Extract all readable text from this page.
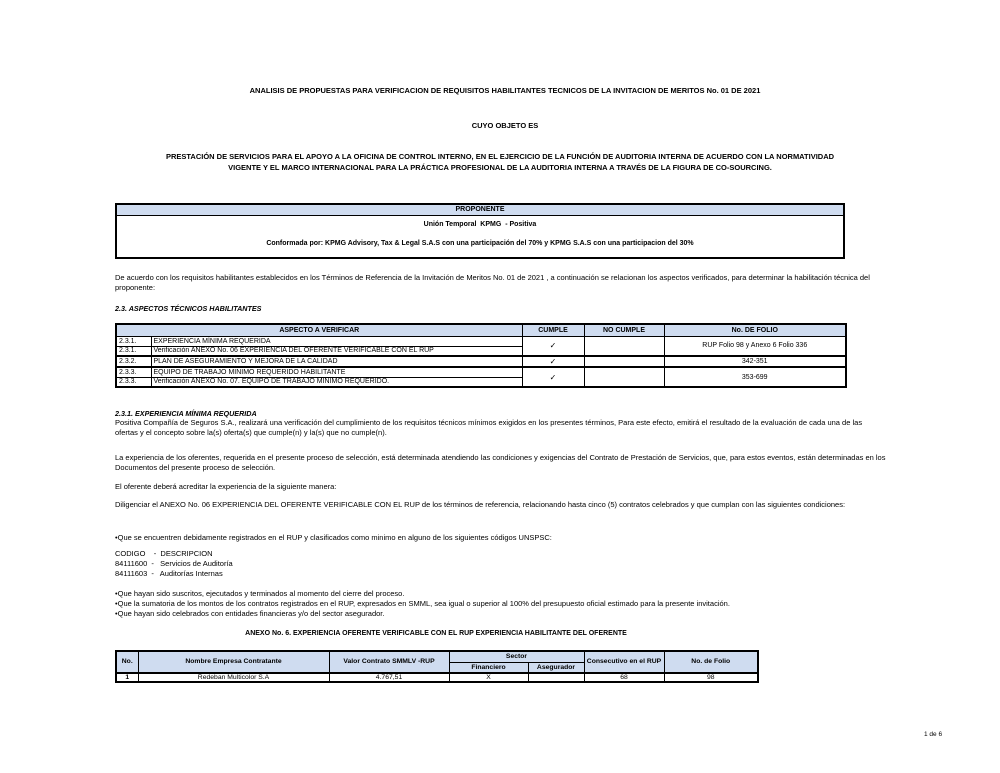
ANALISIS DE PROPUESTAS PARA VERIFICACION DE REQUISITOS HABILITANTES TECNICOS DE LA INVITACION DE MERITOS No. 01 DE 2021
CUYO OBJETO ES
PRESTACIÓN DE SERVICIOS PARA EL APOYO A LA OFICINA DE CONTROL INTERNO, EN EL EJERCICIO DE LA FUNCIÓN DE AUDITORIA INTERNA DE ACUERDO CON LA NORMATIVIDAD VIGENTE Y EL MARCO INTERNACIONAL PARA LA PRÁCTICA PROFESIONAL DE LA AUDITORIA INTERNA A TRAVÉS DE LA FIGURA DE CO-SOURCING.
PROPONENTE
Unión Temporal  KPMG  - Positiva
Conformada por: KPMG Advisory, Tax & Legal S.A.S con una participación del 70% y KPMG S.A.S con una participacion del 30%
De acuerdo con los requisitos habilitantes establecidos en los Términos de Referencia de la Invitación de Meritos No. 01 de 2021 , a continuación se relacionan los aspectos verificados, para determinar la habilitación técnica del proponente:
2.3. ASPECTOS TÉCNICOS HABILITANTES
ASPECTO A VERIFICAR		CUMPLE	NO CUMPLE	No. DE FOLIO
2.3.1.	EXPERIENCIA MÍNIMA REQUERIDA	✓		RUP Folio 98 y Anexo 6 Folio 336
2.3.1.	Verificación ANEXO No. 06 EXPERIENCIA DEL OFERENTE VERIFICABLE CON EL RUP			
2.3.2.	PLAN DE ASEGURAMIENTO Y MEJORA DE LA CALIDAD	✓		342-351
2.3.3.	EQUIPO DE TRABAJO MINIMO REQUERIDO HABILITANTE	✓		353-699
2.3.3.	Verificación ANEXO No. 07. EQUIPO DE TRABAJO MÍNIMO REQUERIDO.			
2.3.1. EXPERIENCIA MÍNIMA REQUERIDA
Positiva Compañía de Seguros S.A., realizará una verificación del cumplimiento de los requisitos técnicos mínimos exigidos en los presentes términos, Para este efecto, emitirá el resultado de la evaluación de cada una de las ofertas y el concepto sobre la(s) oferta(s) que cumple(n) y la(s) que no cumple(n).
La experiencia de los oferentes, requerida en el presente proceso de selección, está determinada atendiendo las condiciones y exigencias del Contrato de Prestación de Servicios, que, para estos eventos, están determinadas en los Documentos del presente proceso de selección.
El oferente deberá acreditar la experiencia de la siguiente manera:
Diligenciar el ANEXO No. 06 EXPERIENCIA DEL OFERENTE VERIFICABLE CON EL RUP de los términos de referencia, relacionando hasta cinco (5) contratos celebrados y que cumplan con las siguientes condiciones:
•Que se encuentren debidamente registrados en el RUP y clasificados como minimo en alguno de los siguientes códigos UNSPSC:
CODIGO    -  DESCRIPCION
84111600  -   Servicios de Auditoría
84111603  -   Auditorías Internas
•Que hayan sido suscritos, ejecutados y terminados al momento del cierre del proceso.
•Que la sumatoria de los montos de los contratos registrados en el RUP, expresados en SMML, sea igual o superior al 100% del presupuesto oficial estimado para la presente invitación.
•Que hayan sido celebrados con entidades financieras y/o del sector asegurador.
ANEXO No. 6. EXPERIENCIA OFERENTE VERIFICABLE CON EL RUP EXPERIENCIA HABILITANTE DEL OFERENTE
No.	Nombre Empresa Contratante	Valor Contrato SMMLV -RUP	Sector		Consecutivo en el RUP	No. de Folio
			Financiero	Asegurador		
1	Redeban Multicolor S.A	4.767,51	X		68	98
1 de 6
